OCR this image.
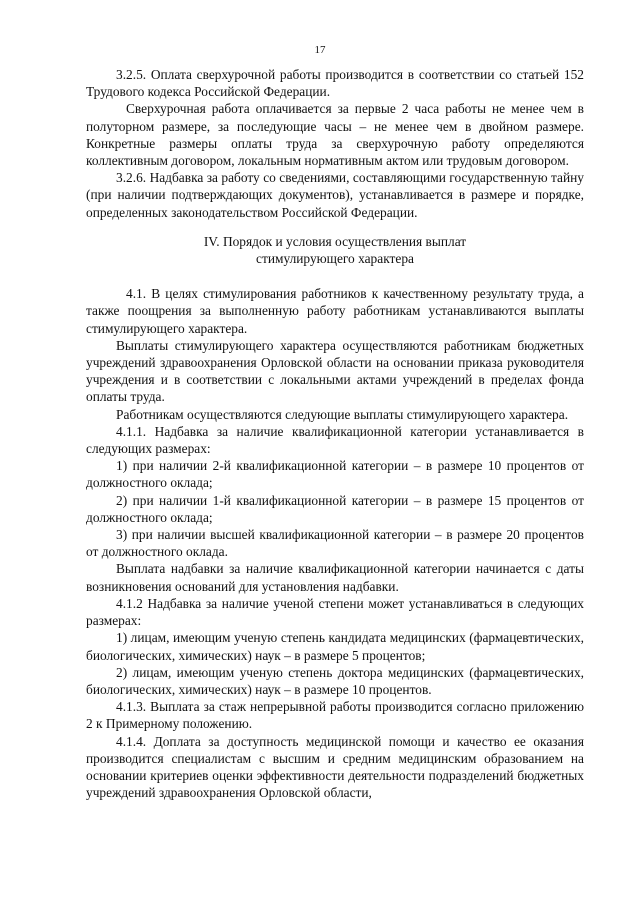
17

3.2.5. Оплата сверхурочной работы производится в соответствии со статьей 152 Трудового кодекса Российской Федерации.

Сверхурочная работа оплачивается за первые 2 часа работы не менее чем в полуторном размере, за последующие часы – не менее чем в двойном размере. Конкретные размеры оплаты труда за сверхурочную работу определяются коллективным договором, локальным нормативным актом или трудовым договором.

3.2.6. Надбавка за работу со сведениями, составляющими государственную тайну (при наличии подтверждающих документов), устанавливается в размере и порядке, определенных законодательством Российской Федерации.

IV. Порядок и условия осуществления выплат
стимулирующего характера

4.1. В целях стимулирования работников к качественному результату труда, а также поощрения за выполненную работу работникам устанавливаются выплаты стимулирующего характера.

Выплаты стимулирующего характера осуществляются работникам бюджетных учреждений здравоохранения Орловской области на основании приказа руководителя учреждения и в соответствии с локальными актами учреждений в пределах фонда оплаты труда.

Работникам осуществляются следующие выплаты стимулирующего характера.

4.1.1. Надбавка за наличие квалификационной категории устанавливается в следующих размерах:

1) при наличии 2-й квалификационной категории – в размере 10 процентов от должностного оклада;

2) при наличии 1-й квалификационной категории – в размере 15 процентов от должностного оклада;

3) при наличии высшей квалификационной категории – в размере 20 процентов от должностного оклада.

Выплата надбавки за наличие квалификационной категории начинается с даты возникновения оснований для установления надбавки.

4.1.2 Надбавка за наличие ученой степени может устанавливаться в следующих размерах:

1) лицам, имеющим ученую степень кандидата медицинских (фармацевтических, биологических, химических) наук – в размере 5 процентов;

2) лицам, имеющим ученую степень доктора медицинских (фармацевтических, биологических, химических) наук – в размере 10 процентов.

4.1.3. Выплата за стаж непрерывной работы производится согласно приложению 2 к Примерному положению.

4.1.4. Доплата за доступность медицинской помощи и качество ее оказания производится специалистам с высшим и средним медицинским образованием на основании критериев оценки эффективности деятельности подразделений бюджетных учреждений здравоохранения Орловской области,
